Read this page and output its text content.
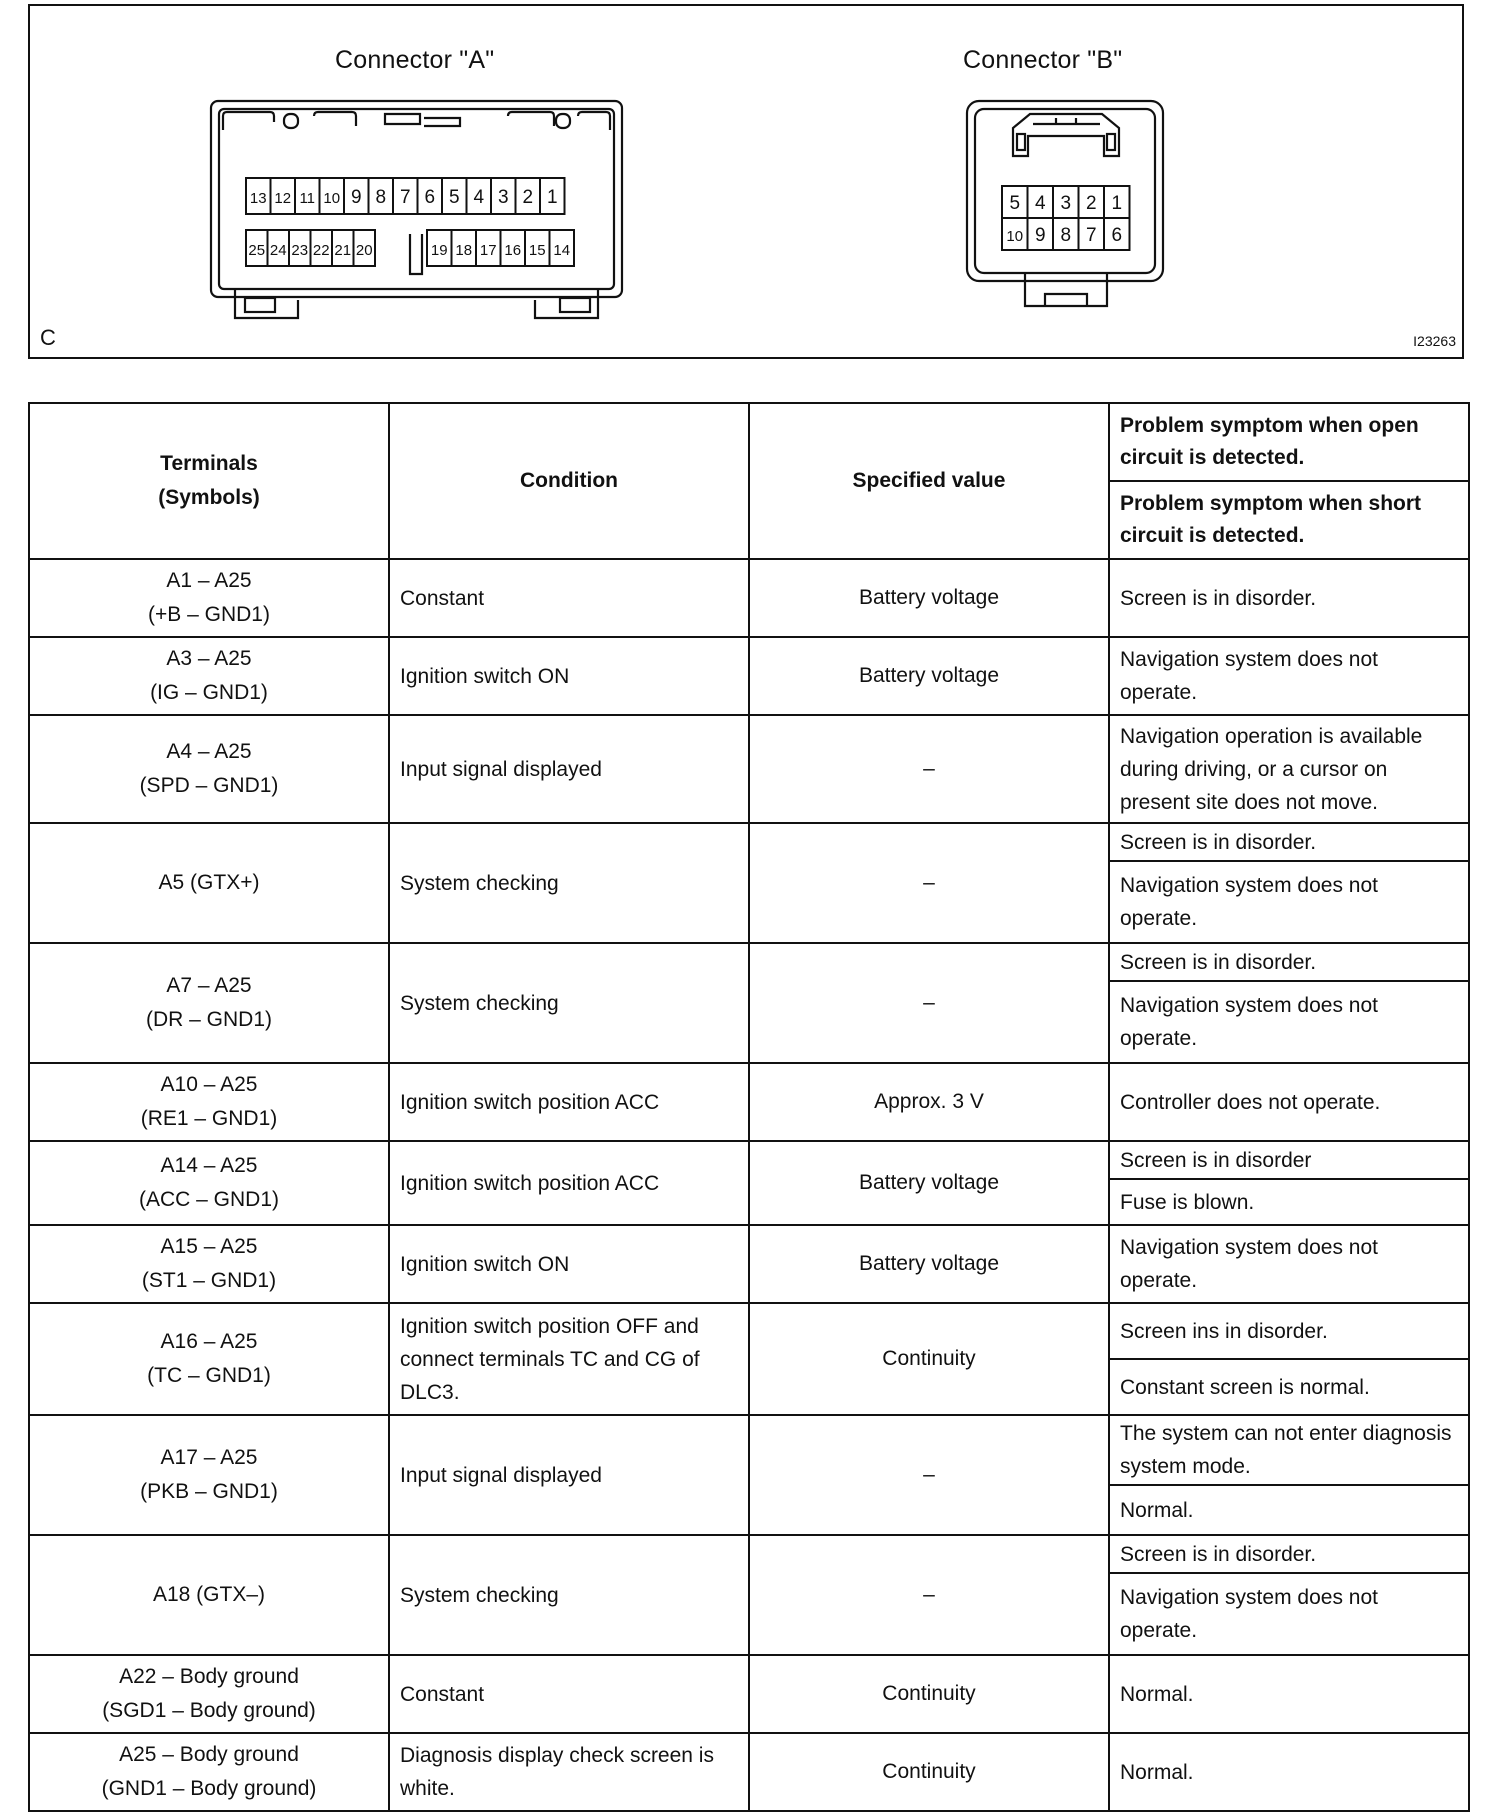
Connector "A"	Connector "B"
13 12 11 10 9 8 7 6 5 4 3 2 1
25 24 23 22 21 20	19 18 17 16 15 14
5 4 3 2 1
10 9 8 7 6
C	I23263
Terminals
(Symbols)	Condition	Specified value	Problem symptom when open circuit is detected.
			Problem symptom when short circuit is detected.

A1 – A25
(+B – GND1)	Constant	Battery voltage	Screen is in disorder.

A3 – A25
(IG – GND1)	Ignition switch ON	Battery voltage	Navigation system does not operate.

A4 – A25
(SPD – GND1)	Input signal displayed	–	Navigation operation is available during driving, or a cursor on present site does not move.

A5 (GTX+)	System checking	–	Screen is in disorder.
			Navigation system does not operate.

A7 – A25
(DR – GND1)	System checking	–	Screen is in disorder.
			Navigation system does not operate.

A10 – A25
(RE1 – GND1)	Ignition switch position ACC	Approx. 3 V	Controller does not operate.

A14 – A25
(ACC – GND1)	Ignition switch position ACC	Battery voltage	Screen is in disorder
			Fuse is blown.

A15 – A25
(ST1 – GND1)	Ignition switch ON	Battery voltage	Navigation system does not operate.

A16 – A25
(TC – GND1)	Ignition switch position OFF and connect terminals TC and CG of DLC3.	Continuity	Screen ins in disorder.
			Constant screen is normal.

A17 – A25
(PKB – GND1)	Input signal displayed	–	The system can not enter diagnosis system mode.
			Normal.

A18 (GTX–)	System checking	–	Screen is in disorder.
			Navigation system does not operate.

A22 – Body ground
(SGD1 – Body ground)	Constant	Continuity	Normal.

A25 – Body ground
(GND1 – Body ground)	Diagnosis display check screen is white.	Continuity	Normal.
